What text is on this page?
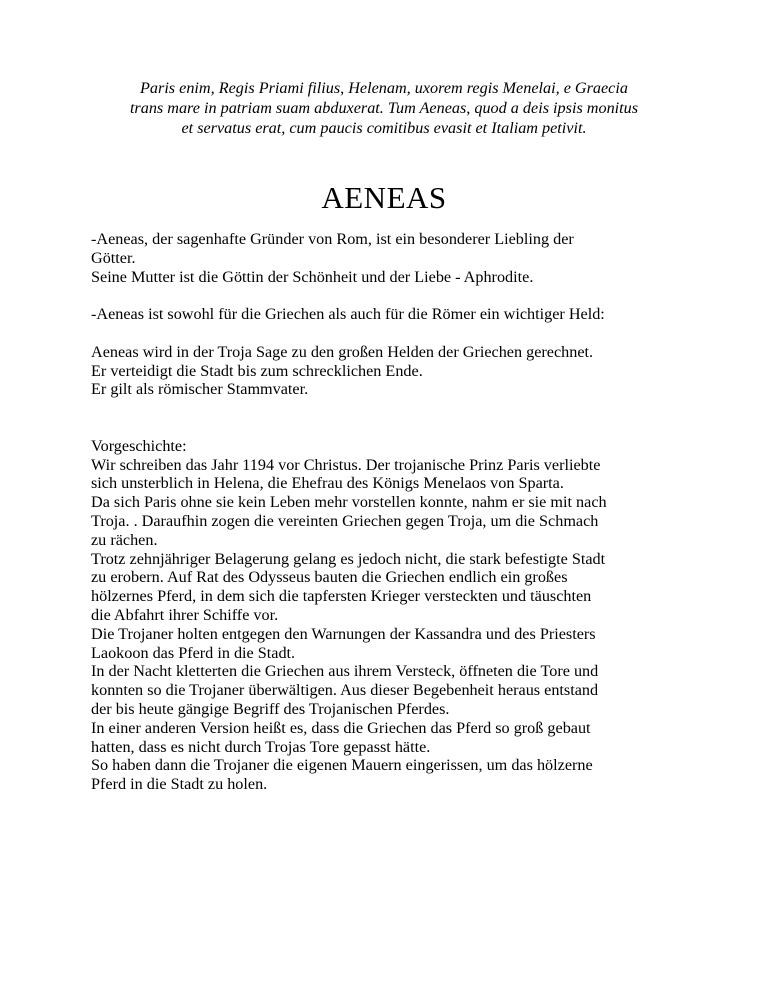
Paris enim, Regis Priami filius, Helenam, uxorem regis Menelai, e Graecia
trans mare in patriam suam abduxerat. Tum Aeneas, quod a deis ipsis monitus
et servatus erat, cum paucis comitibus evasit et Italiam petivit.
AENEAS
-Aeneas, der sagenhafte Gründer von Rom, ist ein besonderer Liebling der
Götter.
Seine Mutter ist die Göttin der Schönheit und der Liebe - Aphrodite.
-Aeneas ist sowohl für die Griechen als auch für die Römer ein wichtiger Held:
Aeneas wird in der Troja Sage zu den großen Helden der Griechen gerechnet.
Er verteidigt die Stadt bis zum schrecklichen Ende.
Er gilt als römischer Stammvater.
Vorgeschichte:
Wir schreiben das Jahr 1194 vor Christus. Der trojanische Prinz Paris verliebte
sich unsterblich in Helena, die Ehefrau des Königs Menelaos von Sparta.
Da sich Paris ohne sie kein Leben mehr vorstellen konnte, nahm er sie mit nach
Troja. . Daraufhin zogen die vereinten Griechen gegen Troja, um die Schmach
zu rächen.
Trotz zehnjähriger Belagerung gelang es jedoch nicht, die stark befestigte Stadt
zu erobern. Auf Rat des Odysseus bauten die Griechen endlich ein großes
hölzernes Pferd, in dem sich die tapfersten Krieger versteckten und täuschten
die Abfahrt ihrer Schiffe vor.
Die Trojaner holten entgegen den Warnungen der Kassandra und des Priesters
Laokoon das Pferd in die Stadt.
In der Nacht kletterten die Griechen aus ihrem Versteck, öffneten die Tore und
konnten so die Trojaner überwältigen. Aus dieser Begebenheit heraus entstand
der bis heute gängige Begriff des Trojanischen Pferdes.
In einer anderen Version heißt es, dass die Griechen das Pferd so groß gebaut
hatten, dass es nicht durch Trojas Tore gepasst hätte.
So haben dann die Trojaner die eigenen Mauern eingerissen, um das hölzerne
Pferd in die Stadt zu holen.
